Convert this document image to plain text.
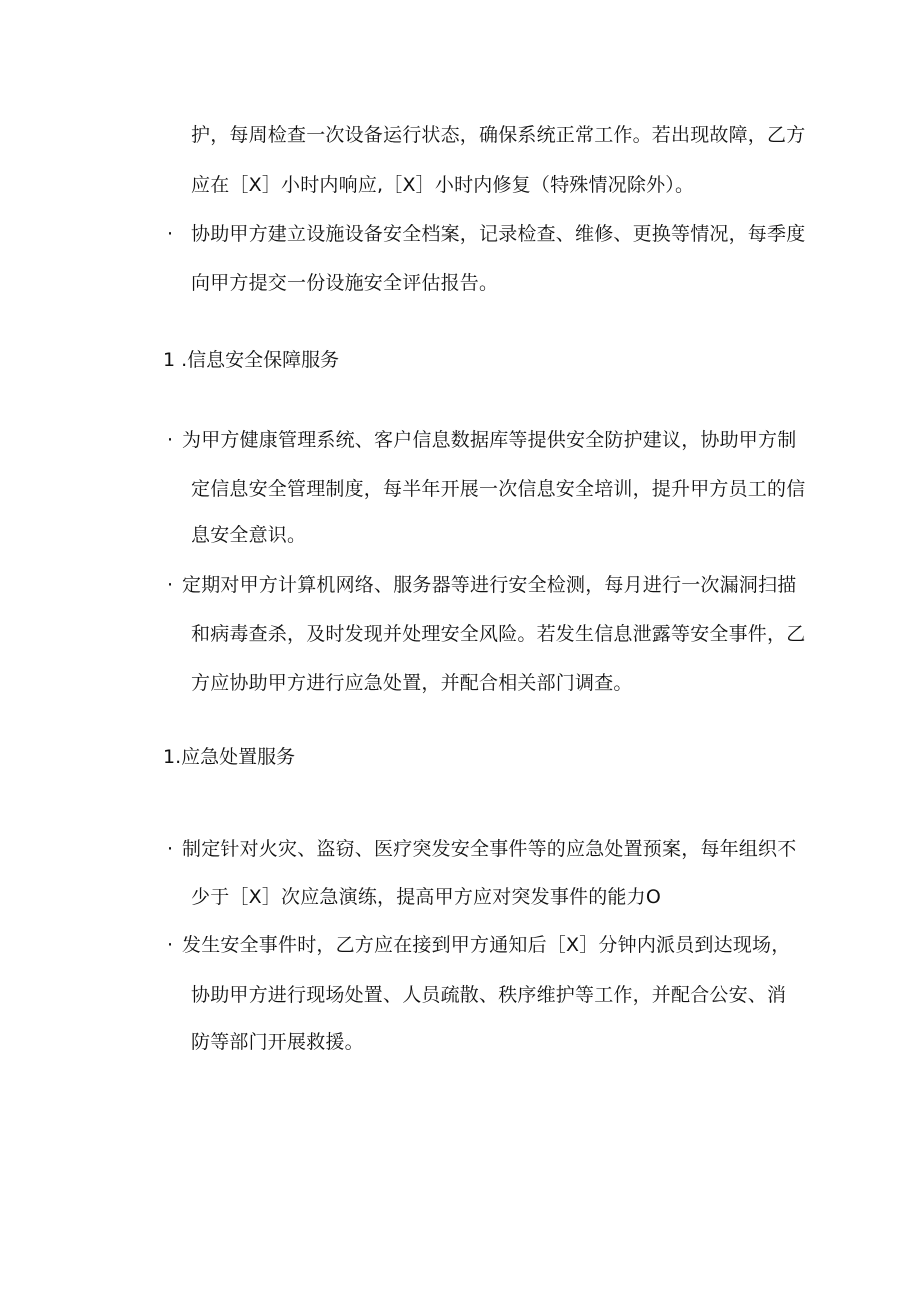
护，每周检查一次设备运行状态，确保系统正常工作。若出现故障，乙方
应在［X］小时内响应,［X］小时内修复（特殊情况除外）。
· 协助甲方建立设施设备安全档案，记录检查、维修、更换等情况，每季度
向甲方提交一份设施安全评估报告。
1 .信息安全保障服务
· 为甲方健康管理系统、客户信息数据库等提供安全防护建议，协助甲方制
定信息安全管理制度，每半年开展一次信息安全培训，提升甲方员工的信
息安全意识。
· 定期对甲方计算机网络、服务器等进行安全检测，每月进行一次漏洞扫描
和病毒查杀，及时发现并处理安全风险。若发生信息泄露等安全事件，乙
方应协助甲方进行应急处置，并配合相关部门调查。
1.应急处置服务
· 制定针对火灾、盗窃、医疗突发安全事件等的应急处置预案，每年组织不
少于［X］次应急演练，提高甲方应对突发事件的能力O
· 发生安全事件时，乙方应在接到甲方通知后［X］分钟内派员到达现场，
协助甲方进行现场处置、人员疏散、秩序维护等工作，并配合公安、消
防等部门开展救援。
